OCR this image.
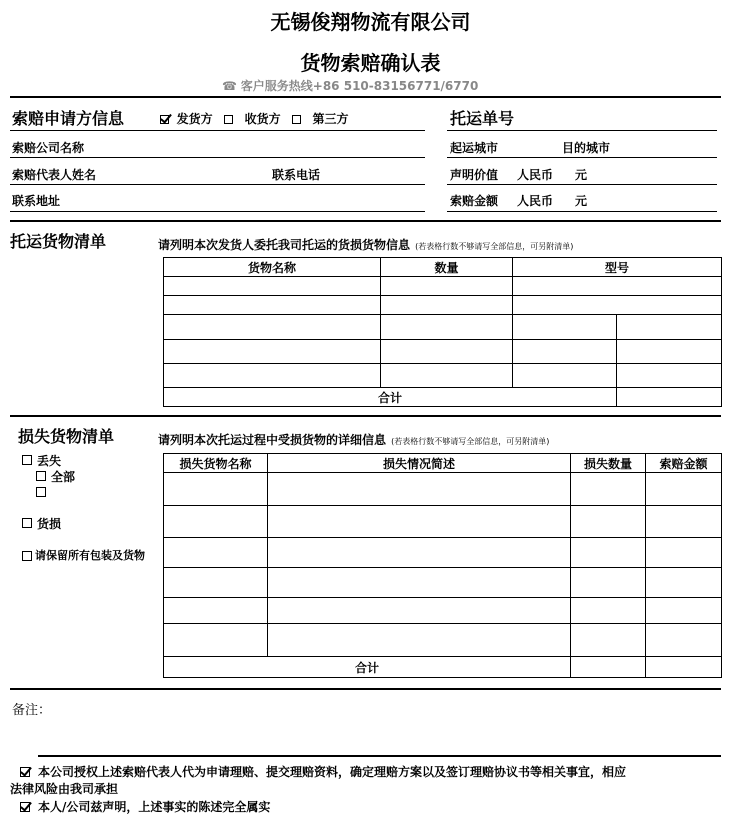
无锡俊翔物流有限公司
货物索赔确认表
☎ 客户服务热线+86 510-83156771/6770
索赔申请方信息	发货方	收货方	第三方
索赔公司名称
索赔代表人姓名	联系电话
联系地址
托运单号
起运城市	目的城市
声明价值 人民币 元
索赔金额 人民币 元
托运货物清单	请列明本次发货人委托我司托运的货损货物信息 (若表格行数不够请写全部信息，可另附清单)
货物名称	数量	型号	

合计			
损失货物清单	请列明本次托运过程中受损货物的详细信息 (若表格行数不够请写全部信息，可另附清单)
丢失
全部
货损
请保留所有包装及货物
损失货物名称	损失情况简述	损失数量	索赔金额

合计			
备注：
本公司授权上述索赔代表人代为申请理赔、提交理赔资料，确定理赔方案以及签订理赔协议书等相关事宜，相应
法律风险由我司承担
本人/公司兹声明，上述事实的陈述完全属实
